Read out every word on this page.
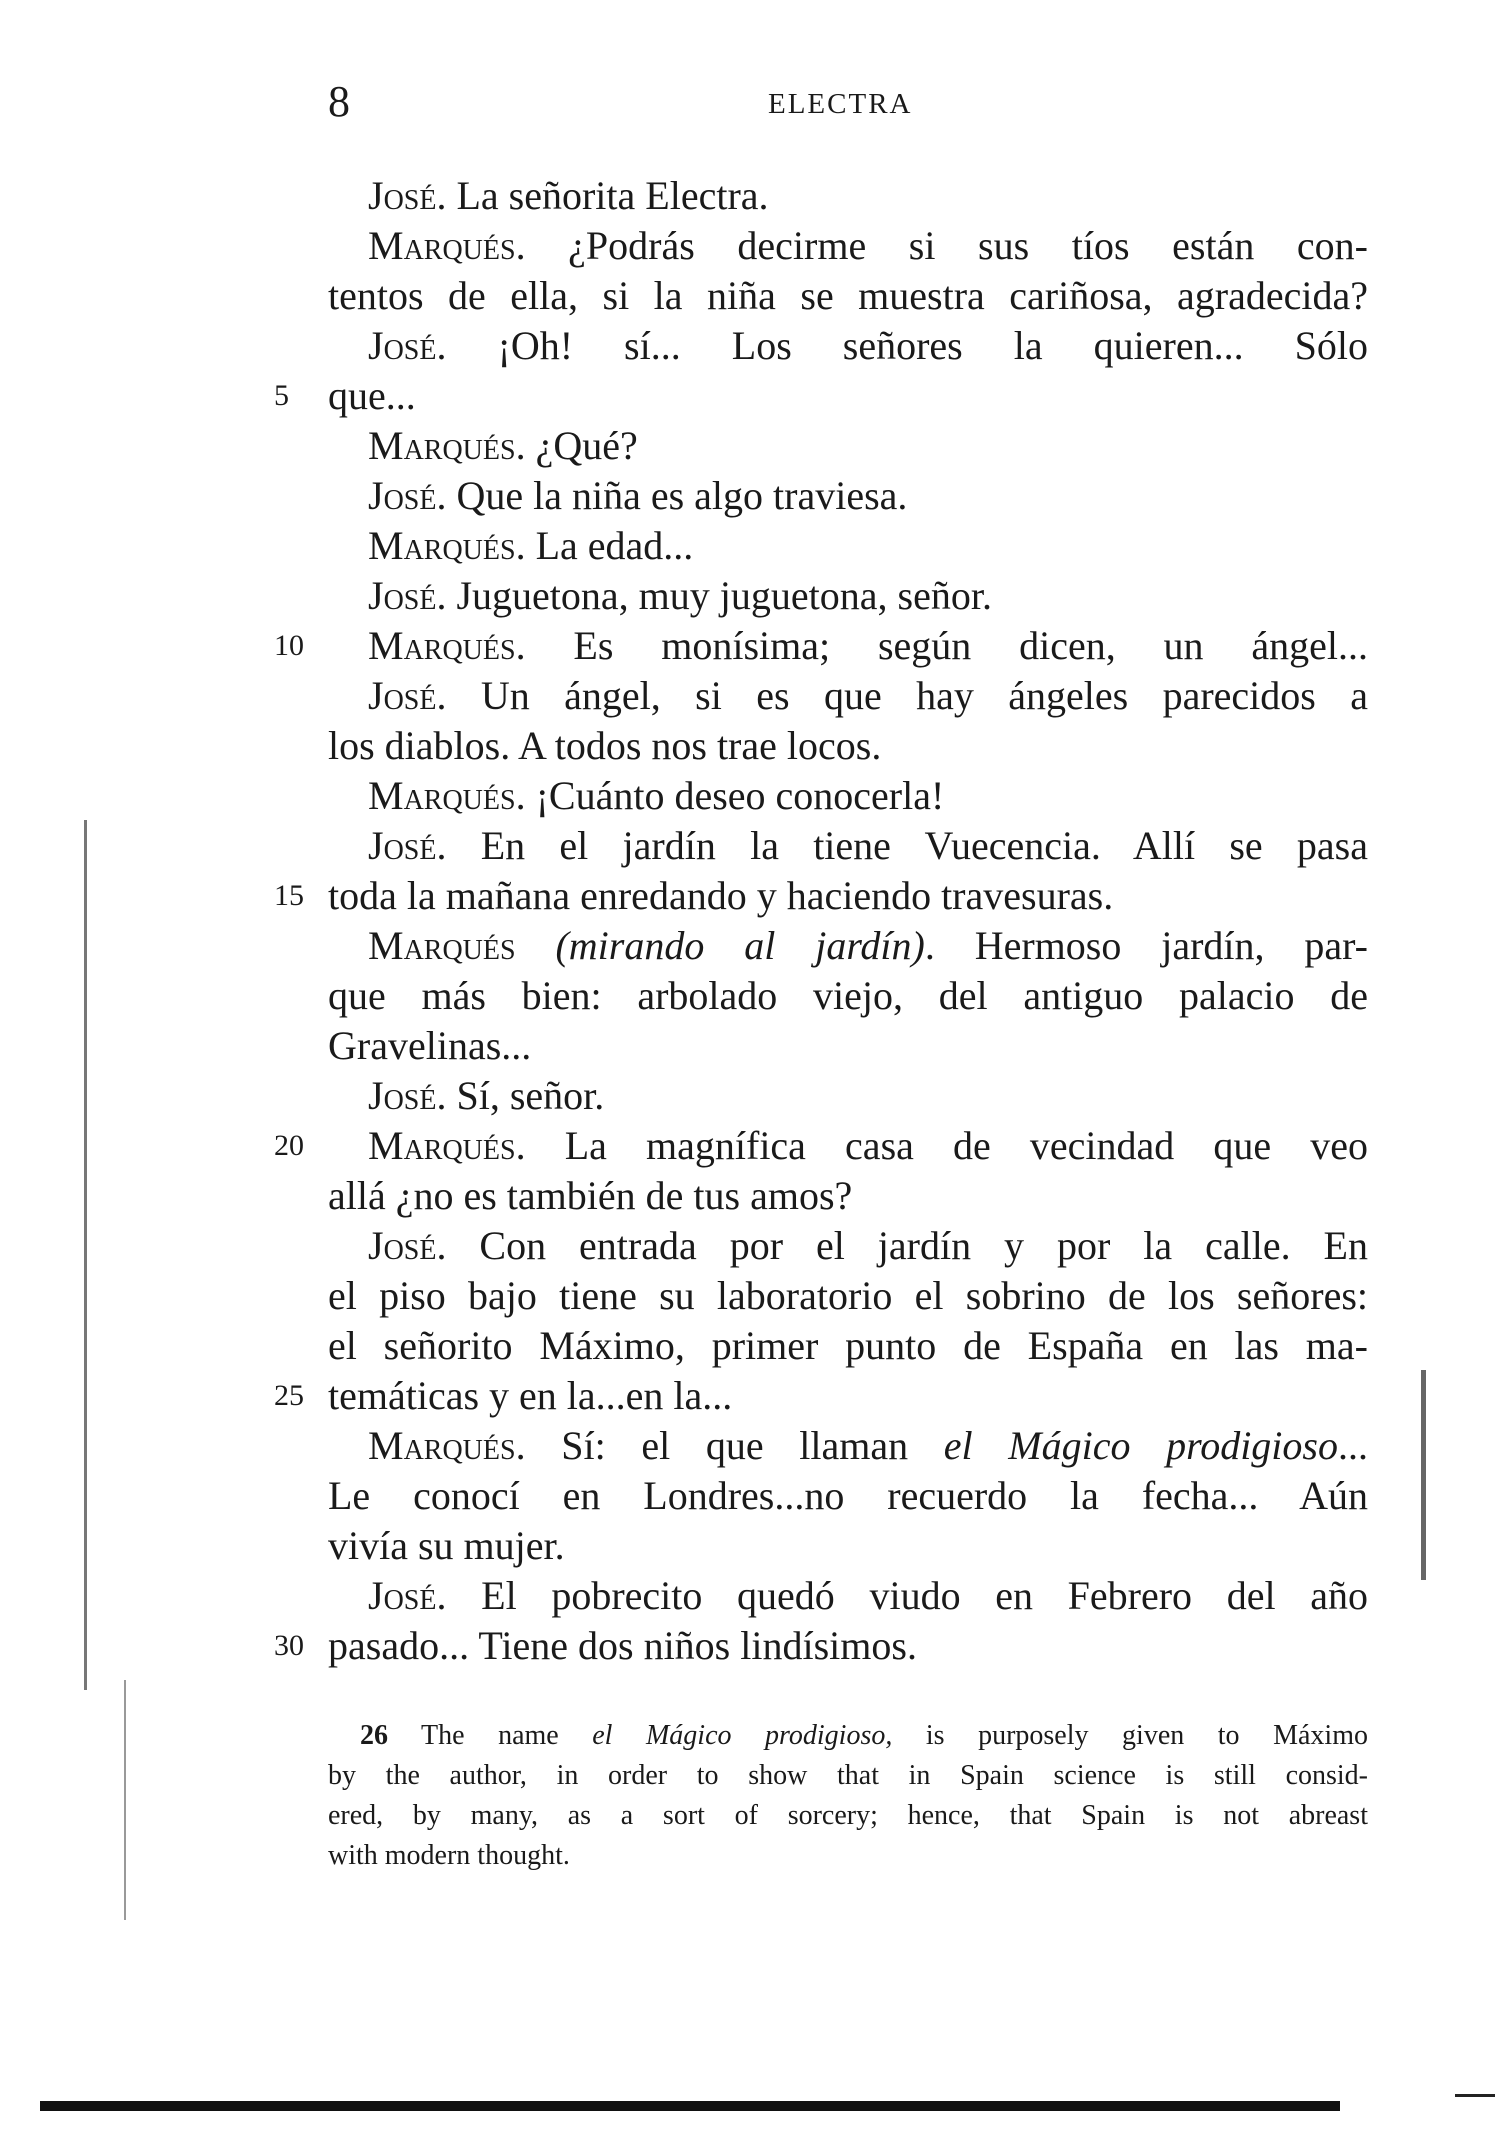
8	ELECTRA
José. La señorita Electra.
Marqués. ¿Podrás decirme si sus tíos están con-
tentos de ella, si la niña se muestra cariñosa, agradecida?
José. ¡Oh! sí... Los señores la quieren... Sólo
5 que...
Marqués. ¿Qué?
José. Que la niña es algo traviesa.
Marqués. La edad...
José. Juguetona, muy juguetona, señor.
10 Marqués. Es monísima; según dicen, un ángel...
José. Un ángel, si es que hay ángeles parecidos a
los diablos. A todos nos trae locos.
Marqués. ¡Cuánto deseo conocerla!
José. En el jardín la tiene Vuecencia. Allí se pasa
15 toda la mañana enredando y haciendo travesuras.
Marqués (mirando al jardín). Hermoso jardín, par-
que más bien: arbolado viejo, del antiguo palacio de
Gravelinas...
José. Sí, señor.
20 Marqués. La magnífica casa de vecindad que veo
allá ¿no es también de tus amos?
José. Con entrada por el jardín y por la calle. En
el piso bajo tiene su laboratorio el sobrino de los señores:
el señorito Máximo, primer punto de España en las ma-
25 temáticas y en la...en la...
Marqués. Sí: el que llaman el Mágico prodigioso...
Le conocí en Londres...no recuerdo la fecha... Aún
vivía su mujer.
José. El pobrecito quedó viudo en Febrero del año
30 pasado... Tiene dos niños lindísimos.
26 The name el Mágico prodigioso, is purposely given to Máximo
by the author, in order to show that in Spain science is still consid-
ered, by many, as a sort of sorcery; hence, that Spain is not abreast
with modern thought.
